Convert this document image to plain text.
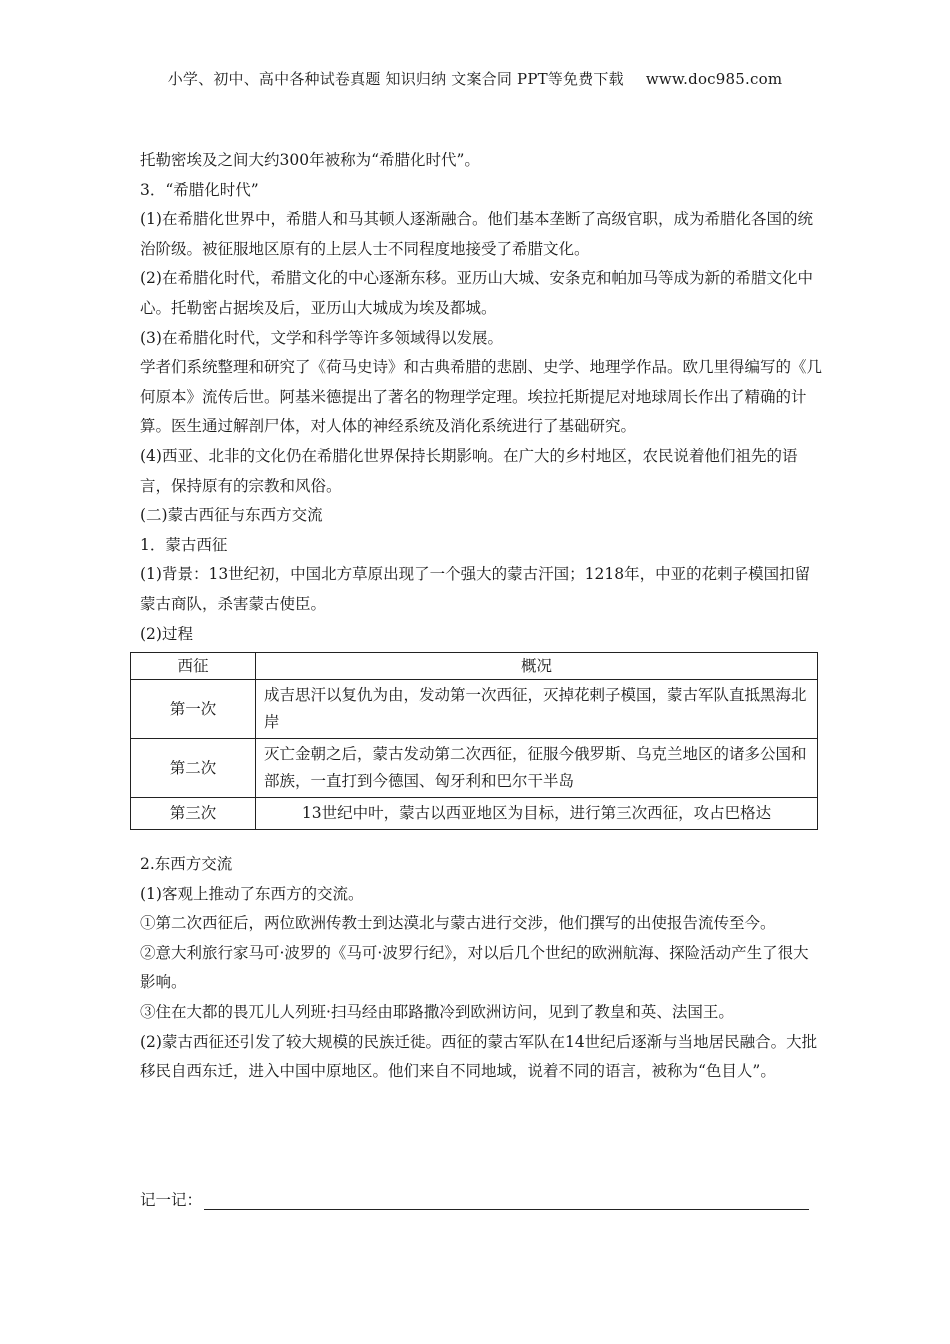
小学、初中、高中各种试卷真题 知识归纳 文案合同 PPT等免费下载 www.doc985.com

托勒密埃及之间大约300年被称为“希腊化时代”。

3．“希腊化时代”

(1)在希腊化世界中，希腊人和马其顿人逐渐融合。他们基本垄断了高级官职，成为希腊化各国的统治阶级。被征服地区原有的上层人士不同程度地接受了希腊文化。

(2)在希腊化时代，希腊文化的中心逐渐东移。亚历山大城、安条克和帕加马等成为新的希腊文化中心。托勒密占据埃及后，亚历山大城成为埃及都城。

(3)在希腊化时代，文学和科学等许多领域得以发展。

学者们系统整理和研究了《荷马史诗》和古典希腊的悲剧、史学、地理学作品。欧几里得编写的《几何原本》流传后世。阿基米德提出了著名的物理学定理。埃拉托斯提尼对地球周长作出了精确的计算。医生通过解剖尸体，对人体的神经系统及消化系统进行了基础研究。

(4)西亚、北非的文化仍在希腊化世界保持长期影响。在广大的乡村地区，农民说着他们祖先的语言，保持原有的宗教和风俗。

(二)蒙古西征与东西方交流

1．蒙古西征

(1)背景：13世纪初，中国北方草原出现了一个强大的蒙古汗国；1218年，中亚的花剌子模国扣留蒙古商队，杀害蒙古使臣。

(2)过程

西征	概况
第一次	成吉思汗以复仇为由，发动第一次西征，灭掉花剌子模国，蒙古军队直抵黑海北岸
第二次	灭亡金朝之后，蒙古发动第二次西征，征服今俄罗斯、乌克兰地区的诸多公国和部族，一直打到今德国、匈牙利和巴尔干半岛
第三次	13世纪中叶，蒙古以西亚地区为目标，进行第三次西征，攻占巴格达

2.东西方交流

(1)客观上推动了东西方的交流。

①第二次西征后，两位欧洲传教士到达漠北与蒙古进行交涉，他们撰写的出使报告流传至今。

②意大利旅行家马可·波罗的《马可·波罗行纪》，对以后几个世纪的欧洲航海、探险活动产生了很大影响。

③住在大都的畏兀儿人列班·扫马经由耶路撒冷到欧洲访问，见到了教皇和英、法国王。

(2)蒙古西征还引发了较大规模的民族迁徙。西征的蒙古军队在14世纪后逐渐与当地居民融合。大批移民自西东迁，进入中国中原地区。他们来自不同地域，说着不同的语言，被称为“色目人”。

记一记：
